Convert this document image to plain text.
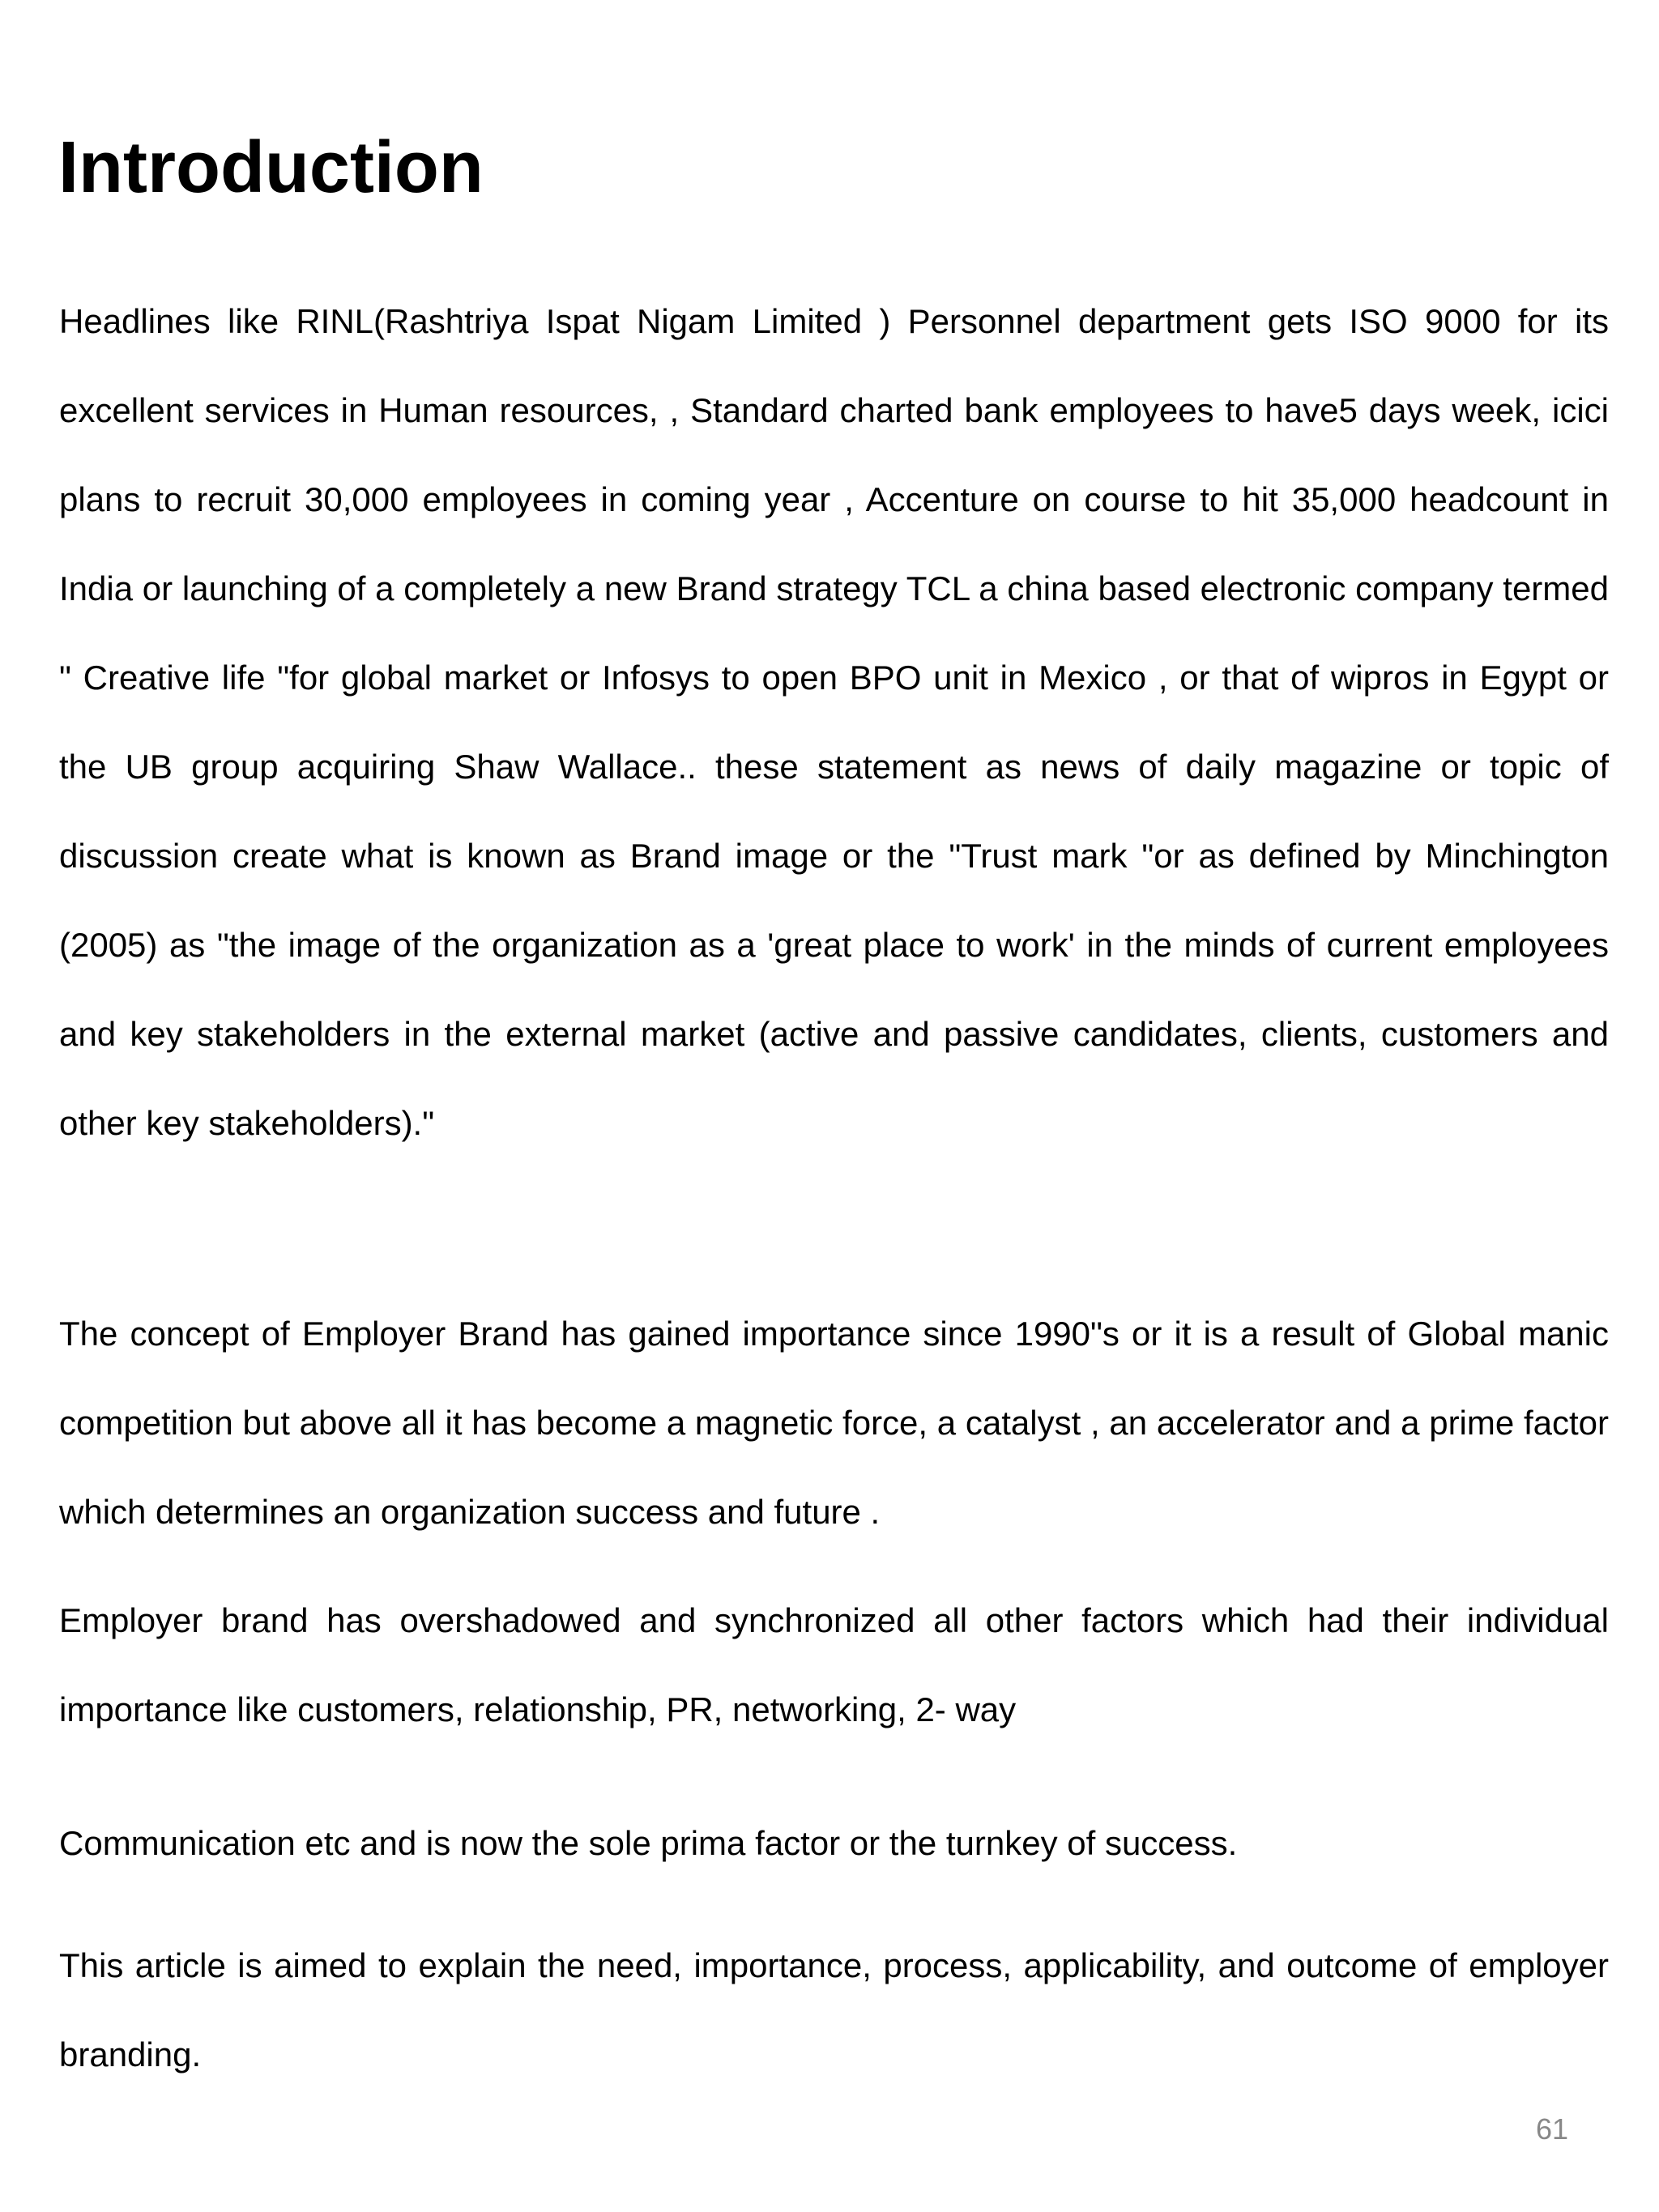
Introduction

Headlines like RINL(Rashtriya Ispat Nigam Limited ) Personnel department gets ISO 9000 for its excellent services in Human resources, , Standard charted bank employees to have5 days week, icici plans to recruit 30,000 employees in coming year , Accenture on course to hit 35,000 headcount in India or launching of a completely a new Brand strategy TCL a china based electronic company termed " Creative life "for global market or Infosys to open BPO unit in Mexico , or that of wipros in Egypt or the UB group acquiring Shaw Wallace.. these statement as news of daily magazine or topic of discussion create what is known as Brand image or the "Trust mark "or as defined by Minchington (2005) as "the image of the organization as a 'great place to work' in the minds of current employees and key stakeholders in the external market (active and passive candidates, clients, customers and other key stakeholders)."

The concept of Employer Brand has gained importance since 1990"s or it is a result of Global manic competition but above all it has become a magnetic force, a catalyst , an accelerator and a prime factor which determines an organization success and future .

Employer brand has overshadowed and synchronized all other factors which had their individual importance like customers, relationship, PR, networking, 2- way

Communication etc and is now the sole prima factor or the turnkey of success.

This article is aimed to explain the need, importance, process, applicability, and outcome of employer branding.

61
